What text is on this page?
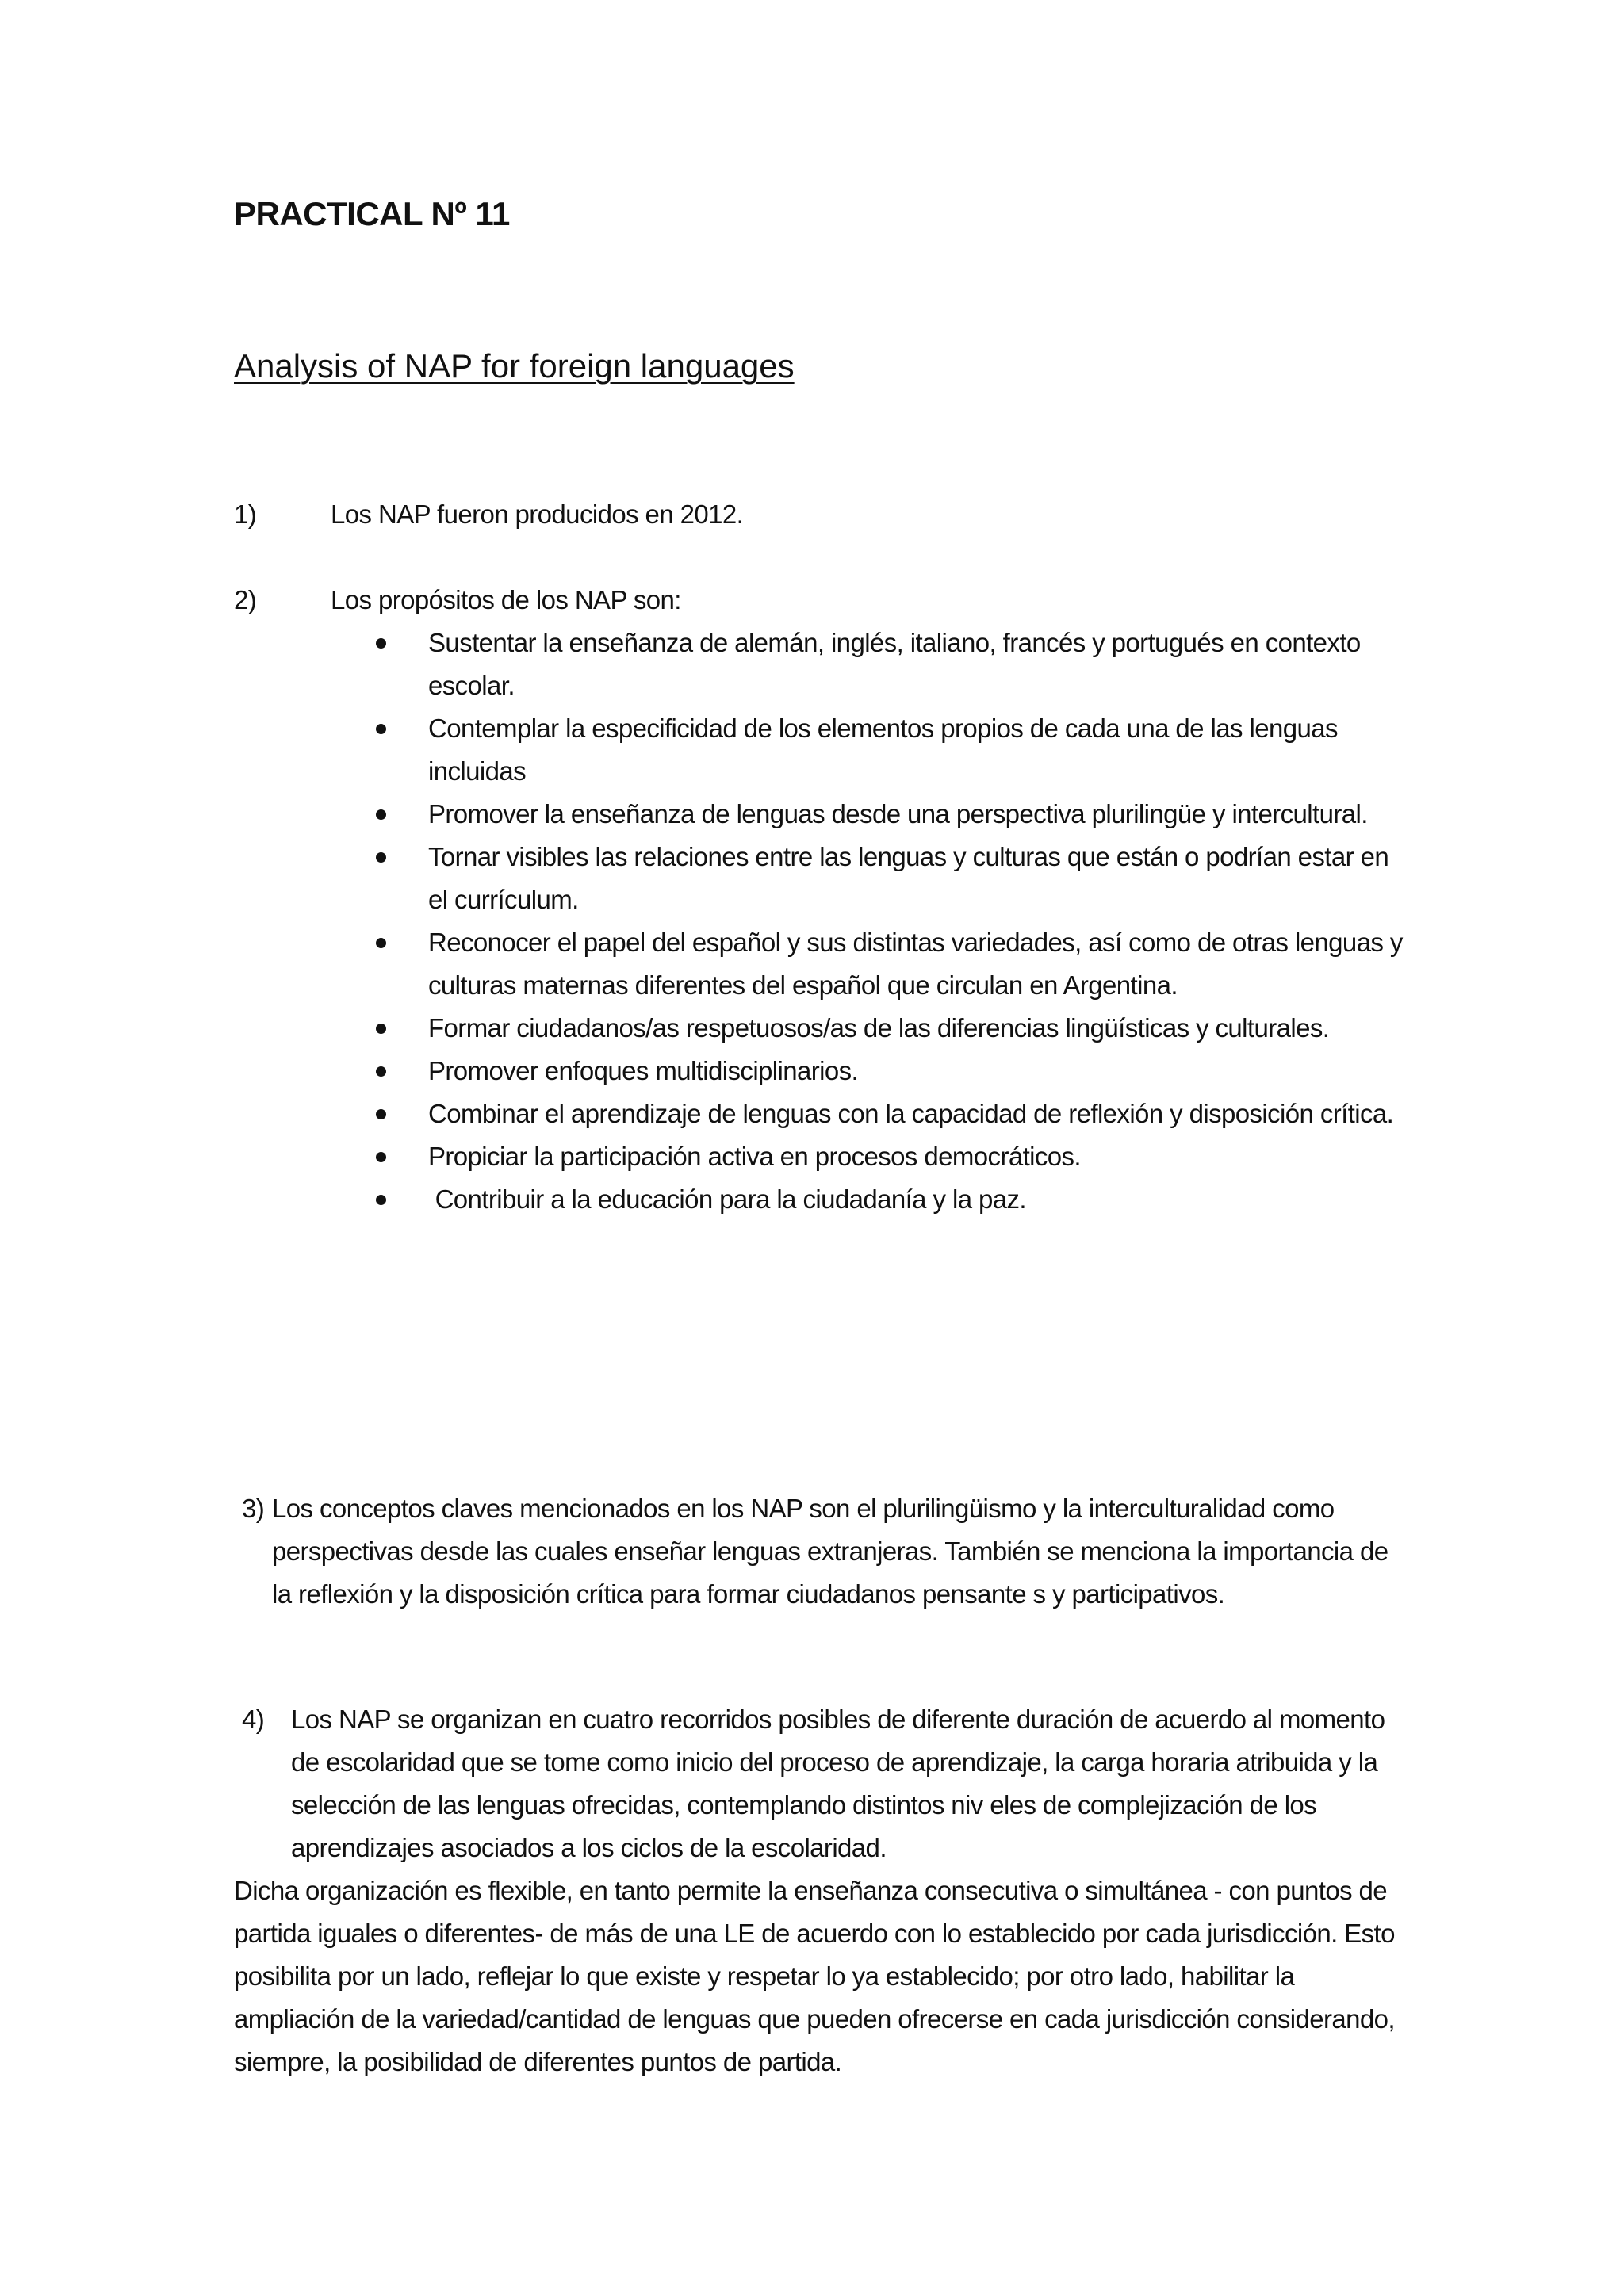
PRACTICAL Nº 11
Analysis of NAP for foreign languages
1)	Los NAP fueron producidos en 2012.
2)	Los propósitos de los NAP son:
Sustentar la enseñanza de alemán, inglés, italiano, francés y portugués en contexto escolar.
Contemplar la especificidad de los elementos propios de cada una de las lenguas incluidas
Promover la enseñanza de lenguas desde una perspectiva plurilingüe y intercultural.
Tornar visibles las relaciones entre las lenguas y culturas que están o podrían estar en el currículum.
Reconocer el papel del español y sus distintas variedades, así como de otras lenguas y culturas maternas diferentes del español que circulan en Argentina.
Formar ciudadanos/as respetuosos/as de las diferencias lingüísticas y culturales.
Promover enfoques multidisciplinarios.
Combinar el aprendizaje de lenguas con la capacidad de reflexión y disposición crítica.
Propiciar la participación activa en procesos democráticos.
Contribuir a la educación para la ciudadanía y la paz.
3) Los conceptos claves mencionados en los NAP son el plurilingüismo y la interculturalidad como perspectivas desde las cuales enseñar lenguas extranjeras. También se menciona la importancia de la reflexión y la disposición crítica para formar ciudadanos pensante s y participativos.
4) Los NAP se organizan en cuatro recorridos posibles de diferente duración de acuerdo al momento de escolaridad que se tome como inicio del proceso de aprendizaje, la carga horaria atribuida y la selección de las lenguas ofrecidas, contemplando distintos niv eles de complejización de los aprendizajes asociados a los ciclos de la escolaridad.
Dicha organización es flexible, en tanto permite la enseñanza consecutiva o simultánea - con puntos de partida iguales o diferentes- de más de una LE de acuerdo con lo establecido por cada jurisdicción. Esto posibilita por un lado, reflejar lo que existe y respetar lo ya establecido; por otro lado, habilitar la ampliación de la variedad/cantidad de lenguas que pueden ofrecerse en cada jurisdicción considerando, siempre, la posibilidad de diferentes puntos de partida.
